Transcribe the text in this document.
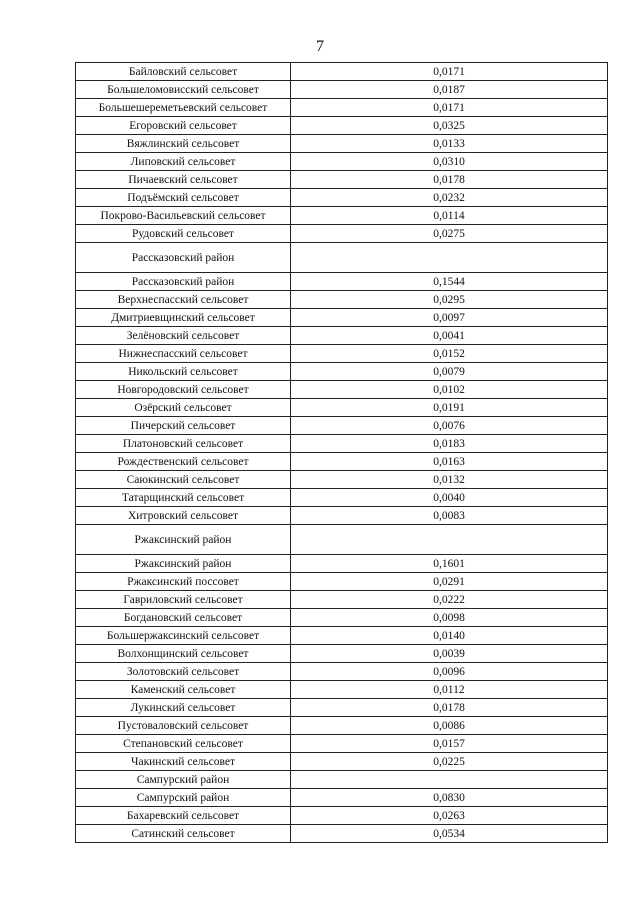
7
Байловский сельсовет	0,0171
Большеломовисский сельсовет	0,0187
Большешереметьевский сельсовет	0,0171
Егоровский сельсовет	0,0325
Вяжлинский сельсовет	0,0133
Липовский сельсовет	0,0310
Пичаевский сельсовет	0,0178
Подъёмский сельсовет	0,0232
Покрово-Васильевский сельсовет	0,0114
Рудовский сельсовет	0,0275
Рассказовский район	
Рассказовский район	0,1544
Верхнеспасский сельсовет	0,0295
Дмитриевщинский сельсовет	0,0097
Зелёновский сельсовет	0,0041
Нижнеспасский сельсовет	0,0152
Никольский сельсовет	0,0079
Новгородовский сельсовет	0,0102
Озёрский сельсовет	0,0191
Пичерский сельсовет	0,0076
Платоновский сельсовет	0,0183
Рождественский сельсовет	0,0163
Саюкинский сельсовет	0,0132
Татарщинский сельсовет	0,0040
Хитровский сельсовет	0,0083
Ржаксинский район	
Ржаксинский район	0,1601
Ржаксинский поссовет	0,0291
Гавриловский сельсовет	0,0222
Богдановский сельсовет	0,0098
Большержаксинский сельсовет	0,0140
Волхонщинский сельсовет	0,0039
Золотовский сельсовет	0,0096
Каменский сельсовет	0,0112
Лукинский сельсовет	0,0178
Пустоваловский сельсовет	0,0086
Степановский сельсовет	0,0157
Чакинский сельсовет	0,0225
Сампурский район	
Сампурский район	0,0830
Бахаревский сельсовет	0,0263
Сатинский сельсовет	0,0534
